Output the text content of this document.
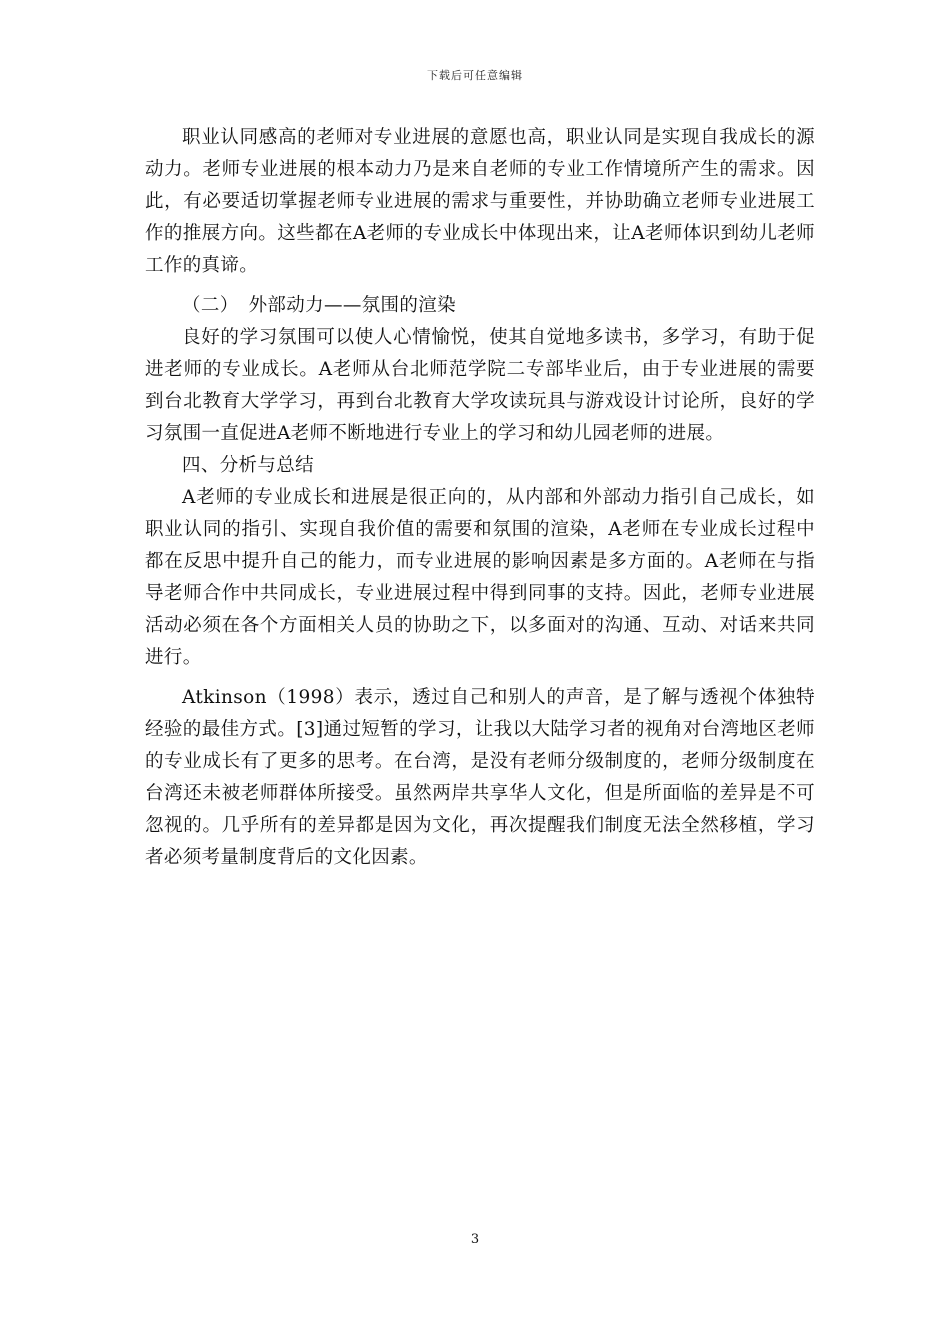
下载后可任意编辑

职业认同感高的老师对专业进展的意愿也高，职业认同是实现自我成长的源动力。老师专业进展的根本动力乃是来自老师的专业工作情境所产生的需求。因此，有必要适切掌握老师专业进展的需求与重要性，并协助确立老师专业进展工作的推展方向。这些都在A老师的专业成长中体现出来，让A老师体识到幼儿老师工作的真谛。

（二） 外部动力——氛围的渲染

良好的学习氛围可以使人心情愉悦，使其自觉地多读书，多学习，有助于促进老师的专业成长。A老师从台北师范学院二专部毕业后，由于专业进展的需要到台北教育大学学习，再到台北教育大学攻读玩具与游戏设计讨论所，良好的学习氛围一直促进A老师不断地进行专业上的学习和幼儿园老师的进展。

四、分析与总结

A老师的专业成长和进展是很正向的，从内部和外部动力指引自己成长，如职业认同的指引、实现自我价值的需要和氛围的渲染，A老师在专业成长过程中都在反思中提升自己的能力，而专业进展的影响因素是多方面的。A老师在与指导老师合作中共同成长，专业进展过程中得到同事的支持。因此，老师专业进展活动必须在各个方面相关人员的协助之下，以多面对的沟通、互动、对话来共同进行。

Atkinson（1998）表示，透过自己和别人的声音，是了解与透视个体独特经验的最佳方式。[3]通过短暂的学习，让我以大陆学习者的视角对台湾地区老师的专业成长有了更多的思考。在台湾，是没有老师分级制度的，老师分级制度在台湾还未被老师群体所接受。虽然两岸共享华人文化，但是所面临的差异是不可忽视的。几乎所有的差异都是因为文化，再次提醒我们制度无法全然移植，学习者必须考量制度背后的文化因素。

3
